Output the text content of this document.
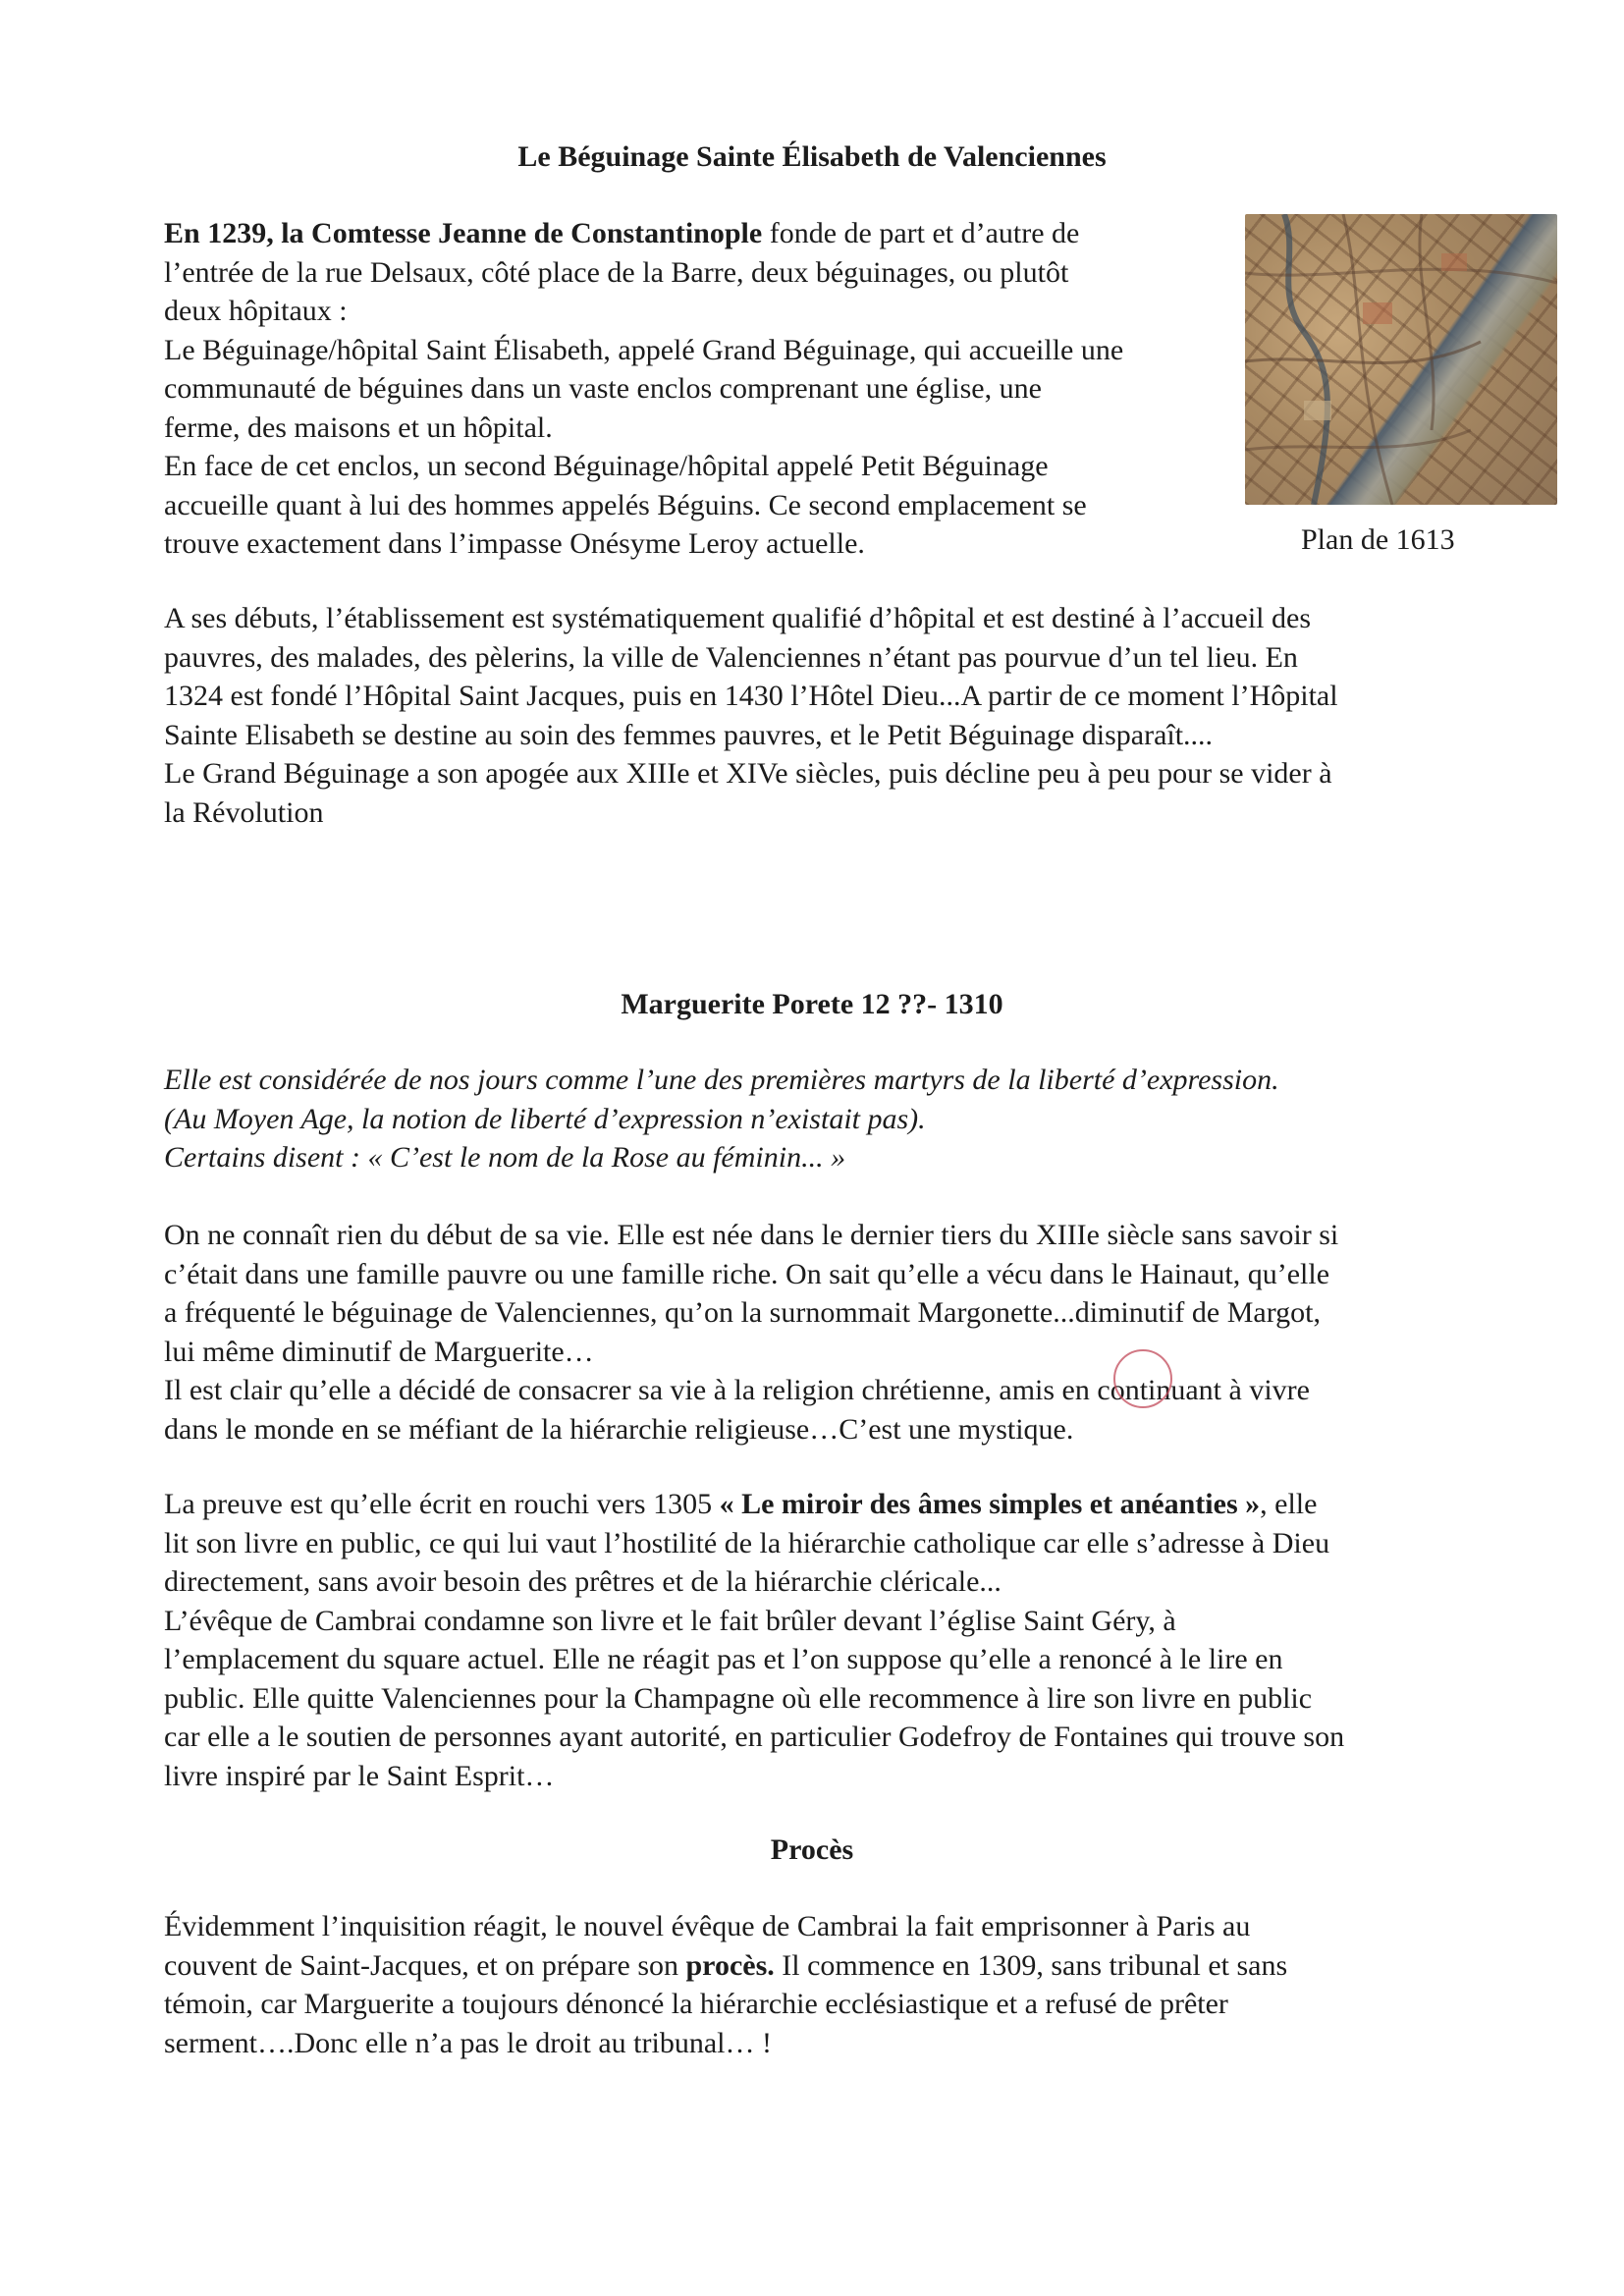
Le Béguinage Sainte Élisabeth de Valenciennes

En 1239, la Comtesse Jeanne de Constantinople fonde de part et d’autre de

l’entrée de la rue Delsaux, côté place de la Barre, deux béguinages, ou plutôt

deux hôpitaux :

Le Béguinage/hôpital Saint Élisabeth, appelé Grand Béguinage, qui accueille une

communauté de béguines dans un vaste enclos comprenant une église, une

ferme, des maisons et un hôpital.

En face de cet enclos, un second Béguinage/hôpital appelé Petit Béguinage

accueille quant à lui des hommes appelés Béguins. Ce second emplacement se

trouve exactement dans l’impasse Onésyme Leroy actuelle.	Plan de 1613

A ses débuts, l’établissement est systématiquement qualifié d’hôpital et est destiné à l’accueil des

pauvres, des malades, des pèlerins, la ville de Valenciennes n’étant pas pourvue d’un tel lieu. En

1324 est fondé l’Hôpital Saint Jacques, puis en 1430 l’Hôtel Dieu...A partir de ce moment l’Hôpital

Sainte Elisabeth se destine au soin des femmes pauvres, et le Petit Béguinage disparaît....

Le Grand Béguinage a son apogée aux XIIIe et XIVe siècles, puis décline peu à peu pour se vider à

la Révolution

Marguerite Porete 12 ??- 1310

Elle est considérée de nos jours comme l’une des premières martyrs de la liberté d’expression.

(Au Moyen Age, la notion de liberté d’expression n’existait pas).

Certains disent : « C’est le nom de la Rose au féminin... »

On ne connaît rien du début de sa vie. Elle est née dans le dernier tiers du XIIIe siècle sans savoir si

c’était dans une famille pauvre ou une famille riche. On sait qu’elle a vécu dans le Hainaut, qu’elle

a fréquenté le béguinage de Valenciennes, qu’on la surnommait Margonette...diminutif de Margot,

lui même diminutif de Marguerite…

Il est clair qu’elle a décidé de consacrer sa vie à la religion chrétienne, amis en continuant à vivre

dans le monde en se méfiant de la hiérarchie religieuse…C’est une mystique.

La preuve est qu’elle écrit en rouchi vers 1305 « Le miroir des âmes simples et anéanties », elle

lit son livre en public, ce qui lui vaut l’hostilité de la hiérarchie catholique car elle s’adresse à Dieu

directement, sans avoir besoin des prêtres et de la hiérarchie cléricale...

L’évêque de Cambrai condamne son livre et le fait brûler devant l’église Saint Géry, à

l’emplacement du square actuel. Elle ne réagit pas et l’on suppose qu’elle a renoncé à le lire en

public. Elle quitte Valenciennes pour la Champagne où elle recommence à lire son livre en public

car elle a le soutien de personnes ayant autorité, en particulier Godefroy de Fontaines qui trouve son

livre inspiré par le Saint Esprit…

Procès

Évidemment l’inquisition réagit, le nouvel évêque de Cambrai la fait emprisonner à Paris au

couvent de Saint-Jacques, et on prépare son procès. Il commence en 1309, sans tribunal et sans

témoin, car Marguerite a toujours dénoncé la hiérarchie ecclésiastique et a refusé de prêter

serment….Donc elle n’a pas le droit au tribunal… !
